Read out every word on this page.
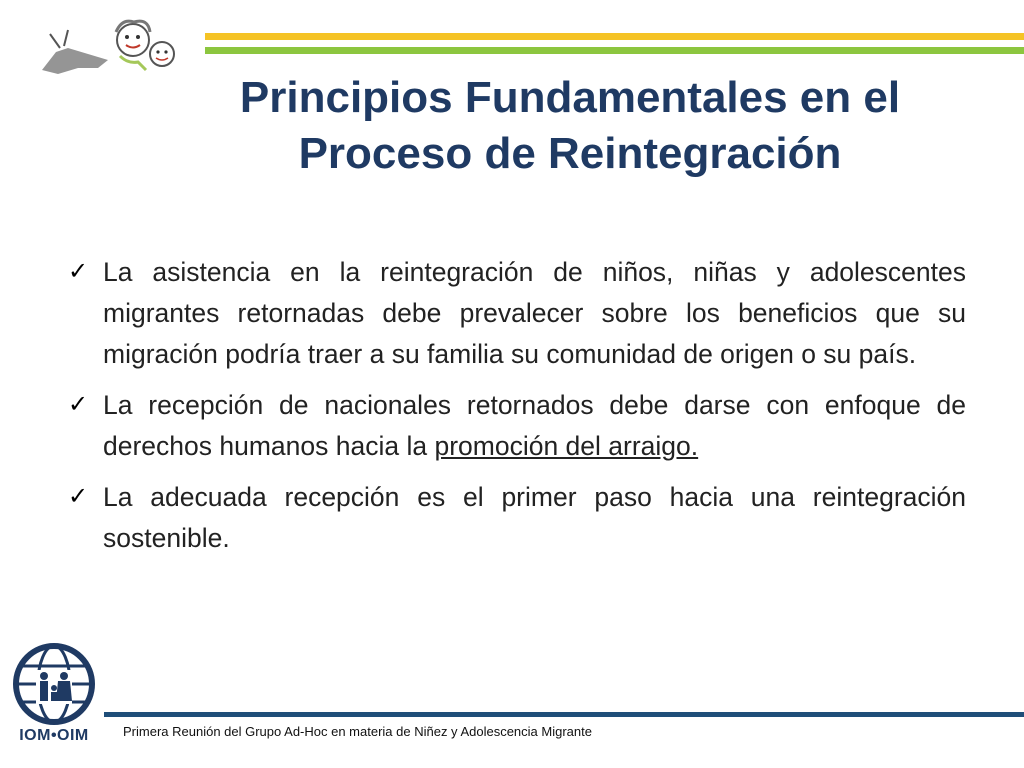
Principios Fundamentales en el
Proceso de Reintegración
✓ La asistencia en la reintegración de niños, niñas y adolescentes migrantes retornadas debe prevalecer sobre los beneficios que su migración podría traer a su familia su comunidad de origen o su país.
✓ La recepción de nacionales retornados debe darse con enfoque de derechos humanos hacia la promoción del arraigo.
✓ La adecuada recepción es el primer paso hacia una reintegración sostenible.
IOM•OIM	Primera Reunión del Grupo Ad-Hoc en materia de Niñez y Adolescencia Migrante
